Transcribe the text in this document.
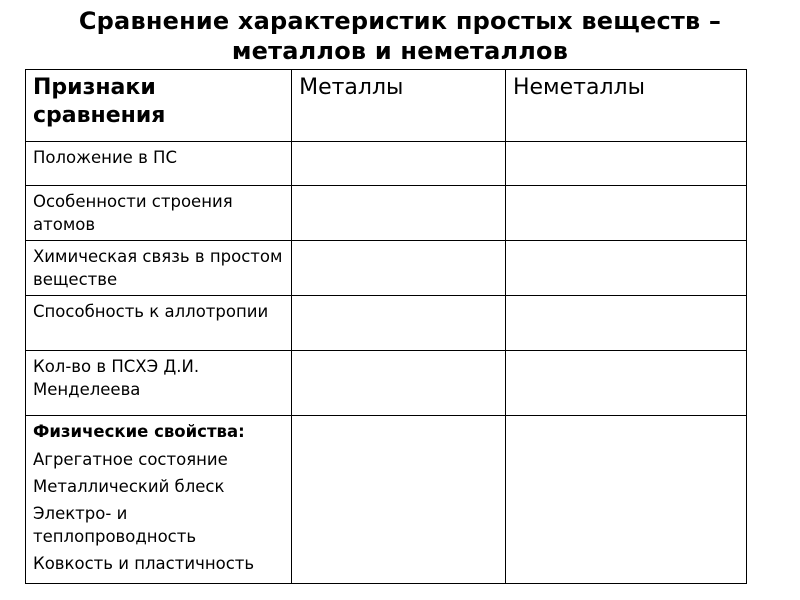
Сравнение характеристик простых веществ –
металлов и неметаллов
Признаки сравнения	Металлы	Неметаллы

Положение в ПС		

Особенности строения атомов		

Химическая связь в простом веществе		

Способность к аллотропии		

Кол-во в ПСХЭ Д.И. Менделеева		

Физические свойства:
Агрегатное состояние
Металлический блеск
Электро- и теплопроводность
Ковкость и пластичность		
